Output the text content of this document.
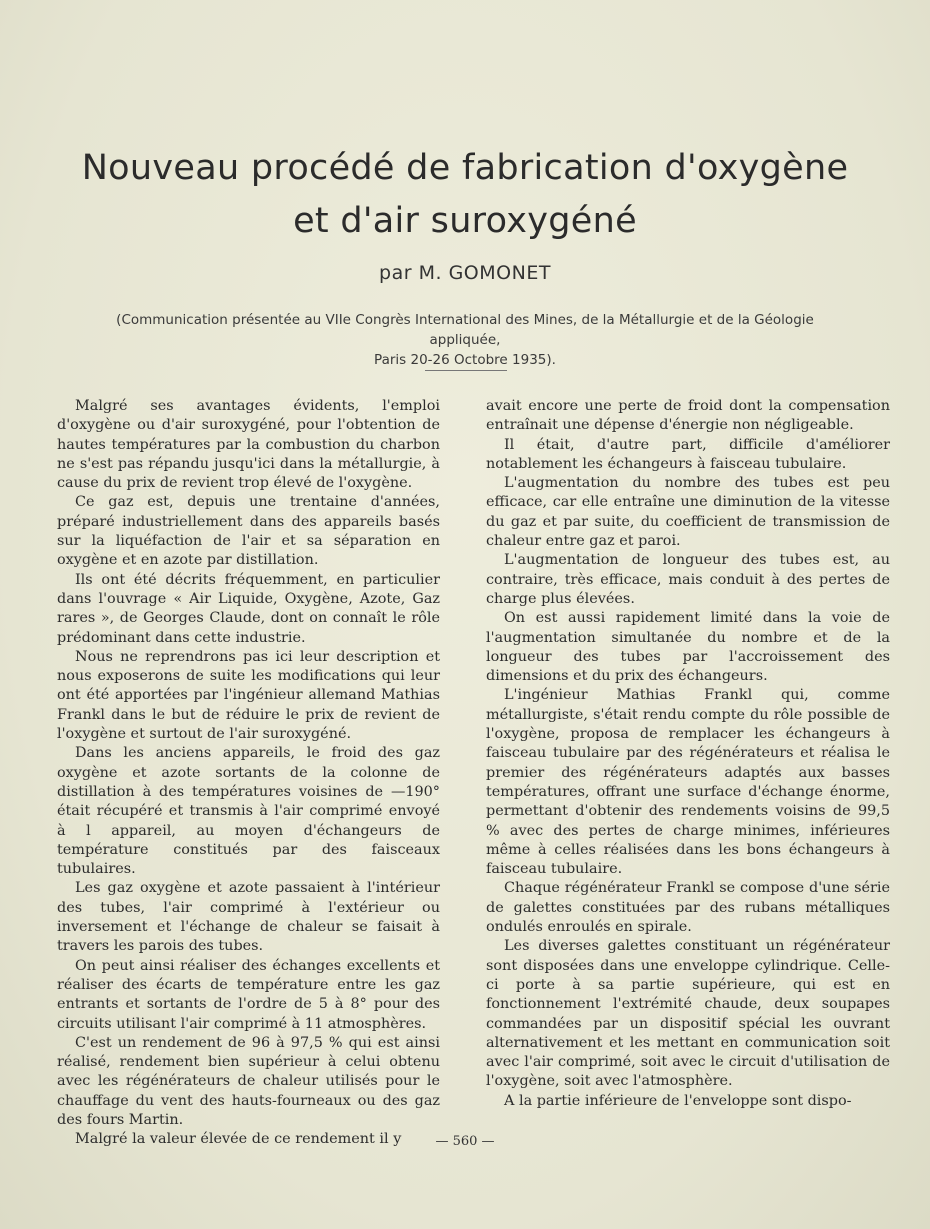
Nouveau procédé de fabrication d'oxygène
et d'air suroxygéné
par M. GOMONET
(Communication présentée au VIIe Congrès International des Mines, de la Métallurgie et de la Géologie appliquée,
Paris 20-26 Octobre 1935).

Malgré ses avantages évidents, l'emploi d'oxygène ou d'air suroxygéné, pour l'obtention de hautes températures par la combustion du charbon ne s'est pas répandu jusqu'ici dans la métallurgie, à cause du prix de revient trop élevé de l'oxygène.

Ce gaz est, depuis une trentaine d'années, préparé industriellement dans des appareils basés sur la liquéfaction de l'air et sa séparation en oxygène et en azote par distillation.

Ils ont été décrits fréquemment, en particulier dans l'ouvrage « Air Liquide, Oxygène, Azote, Gaz rares », de Georges Claude, dont on connaît le rôle prédominant dans cette industrie.

Nous ne reprendrons pas ici leur description et nous exposerons de suite les modifications qui leur ont été apportées par l'ingénieur allemand Mathias Frankl dans le but de réduire le prix de revient de l'oxygène et surtout de l'air suroxygéné.

Dans les anciens appareils, le froid des gaz oxygène et azote sortants de la colonne de distillation à des températures voisines de —190° était récupéré et transmis à l'air comprimé envoyé à l appareil, au moyen d'échangeurs de température constitués par des faisceaux tubulaires.

Les gaz oxygène et azote passaient à l'intérieur des tubes, l'air comprimé à l'extérieur ou inversement et l'échange de chaleur se faisait à travers les parois des tubes.

On peut ainsi réaliser des échanges excellents et réaliser des écarts de température entre les gaz entrants et sortants de l'ordre de 5 à 8° pour des circuits utilisant l'air comprimé à 11 atmosphères.

C'est un rendement de 96 à 97,5 % qui est ainsi réalisé, rendement bien supérieur à celui obtenu avec les régénérateurs de chaleur utilisés pour le chauffage du vent des hauts-fourneaux ou des gaz des fours Martin.

Malgré la valeur élevée de ce rendement il y

avait encore une perte de froid dont la compensation entraînait une dépense d'énergie non négligeable.

Il était, d'autre part, difficile d'améliorer notablement les échangeurs à faisceau tubulaire.

L'augmentation du nombre des tubes est peu efficace, car elle entraîne une diminution de la vitesse du gaz et par suite, du coefficient de transmission de chaleur entre gaz et paroi.

L'augmentation de longueur des tubes est, au contraire, très efficace, mais conduit à des pertes de charge plus élevées.

On est aussi rapidement limité dans la voie de l'augmentation simultanée du nombre et de la longueur des tubes par l'accroissement des dimensions et du prix des échangeurs.

L'ingénieur Mathias Frankl qui, comme métallurgiste, s'était rendu compte du rôle possible de l'oxygène, proposa de remplacer les échangeurs à faisceau tubulaire par des régénérateurs et réalisa le premier des régénérateurs adaptés aux basses températures, offrant une surface d'échange énorme, permettant d'obtenir des rendements voisins de 99,5 % avec des pertes de charge minimes, inférieures même à celles réalisées dans les bons échangeurs à faisceau tubulaire.

Chaque régénérateur Frankl se compose d'une série de galettes constituées par des rubans métalliques ondulés enroulés en spirale.

Les diverses galettes constituant un régénérateur sont disposées dans une enveloppe cylindrique. Celle-ci porte à sa partie supérieure, qui est en fonctionnement l'extrémité chaude, deux soupapes commandées par un dispositif spécial les ouvrant alternativement et les mettant en communication soit avec l'air comprimé, soit avec le circuit d'utilisation de l'oxygène, soit avec l'atmosphère.

A la partie inférieure de l'enveloppe sont dispo-

— 560 —
